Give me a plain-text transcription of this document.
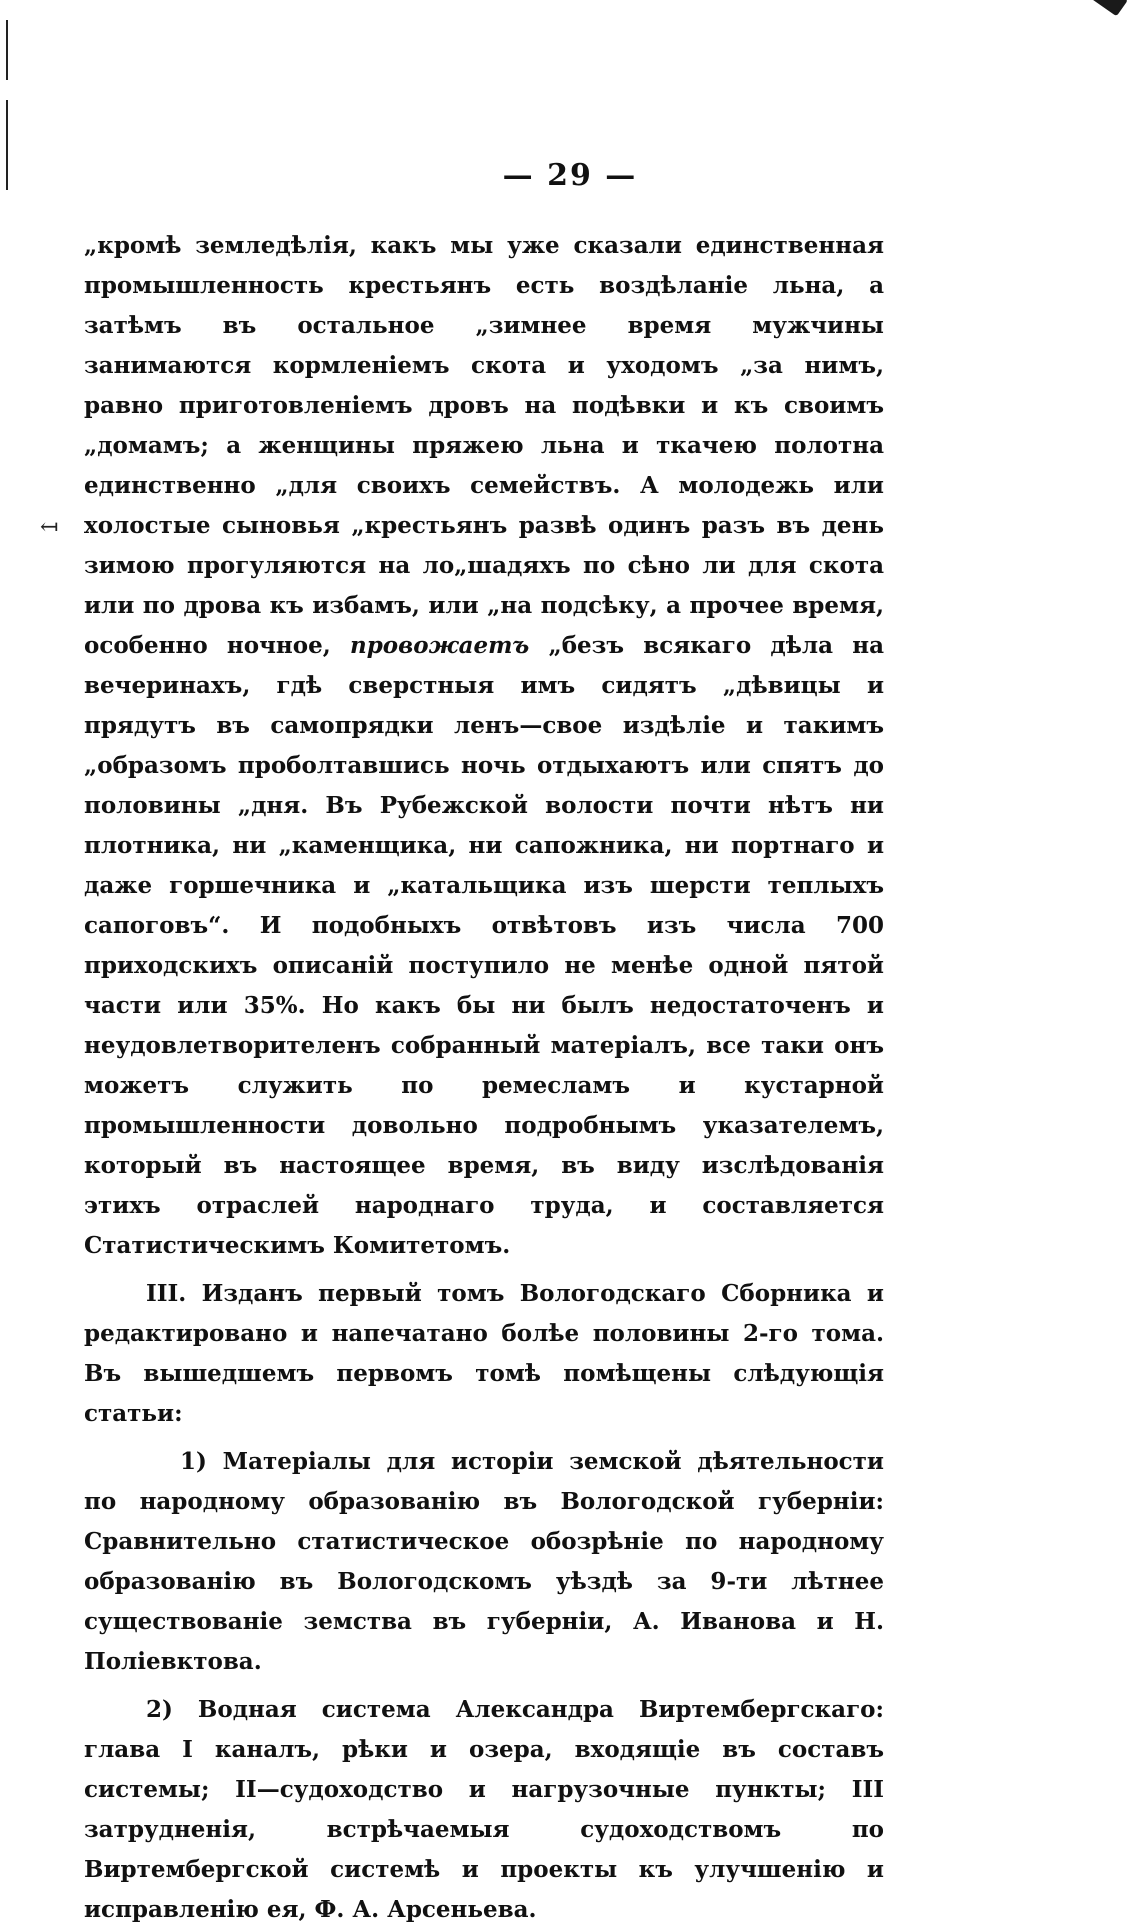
↤
— 29 —

„кромѣ земледѣлія, какъ мы уже сказали единственная промышленность крестьянъ есть воздѣланіе льна, а затѣмъ въ остальное „зимнее время мужчины занимаются кормленіемъ скота и уходомъ „за нимъ, равно приготовленіемъ дровъ на подѣвки и къ своимъ „домамъ; а женщины пряжею льна и ткачею полотна единственно „для своихъ семействъ. А молодежь или холостые сыновья „крестьянъ развѣ одинъ разъ въ день зимою прогуляются на ло„шадяхъ по сѣно ли для скота или по дрова къ избамъ, или „на подсѣку, а прочее время, особенно ночное, провожаетъ „безъ всякаго дѣла на вечеринахъ, гдѣ сверстныя имъ сидятъ „дѣвицы и прядутъ въ самопрядки ленъ—свое издѣліе и такимъ „образомъ проболтавшись ночь отдыхаютъ или спятъ до половины „дня. Въ Рубежской волости почти нѣтъ ни плотника, ни „каменщика, ни сапожника, ни портнаго и даже горшечника и „катальщика изъ шерсти теплыхъ сапоговъ“. И подобныхъ отвѣтовъ изъ числа 700 приходскихъ описаній поступило не менѣе одной пятой части или 35%. Но какъ бы ни былъ недостаточенъ и неудовлетворителенъ собранный матеріалъ, все таки онъ можетъ служить по ремесламъ и кустарной промышленности довольно подробнымъ указателемъ, который въ настоящее время, въ виду изслѣдованія этихъ отраслей народнаго труда, и составляется Статистическимъ Комитетомъ.

III. Изданъ первый томъ Вологодскаго Сборника и редактировано и напечатано болѣе половины 2-го тома. Въ вышедшемъ первомъ томѣ помѣщены слѣдующія статьи:

1) Матеріалы для исторіи земской дѣятельности по народному образованію въ Вологодской губерніи: Сравнительно статистическое обозрѣніе по народному образованію въ Вологодскомъ уѣздѣ за 9-ти лѣтнее существованіе земства въ губерніи, А. Иванова и Н. Поліевктова.

2) Водная система Александра Виртембергскаго: глава I каналъ, рѣки и озера, входящіе въ составъ системы; II—судоходство и нагрузочные пункты; III затрудненія, встрѣчаемыя судоходствомъ по Виртембергской системѣ и проекты къ улучшенію и исправленію ея, Ф. А. Арсеньева.
